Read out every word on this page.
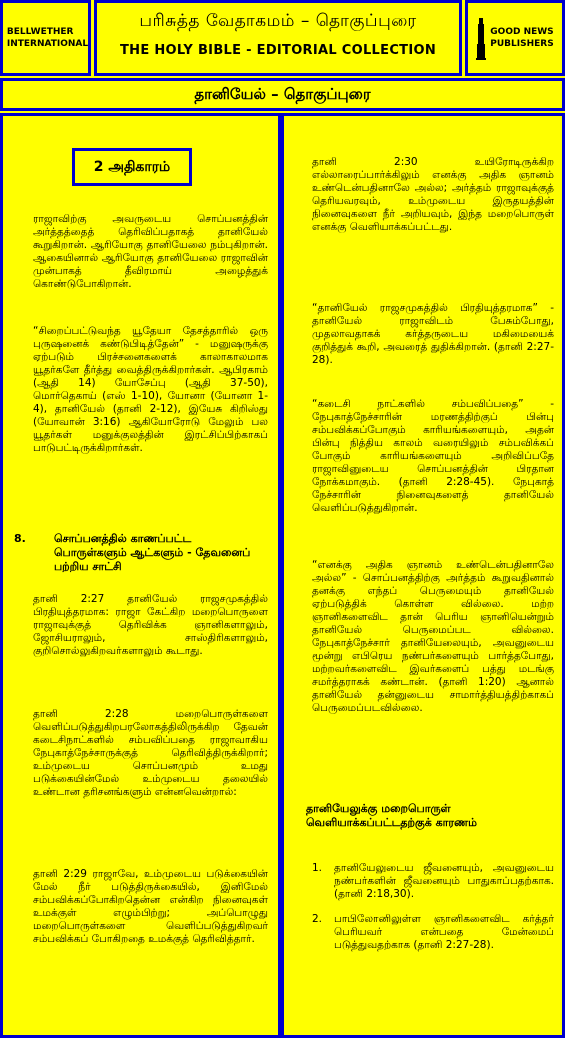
BELLWETHER
INTERNATIONAL
பரிசுத்த வேதாகமம் – தொகுப்புரை
THE HOLY BIBLE - EDITORIAL COLLECTION
GOOD NEWS
PUBLISHERS
தானியேல் – தொகுப்புரை
2 அதிகாரம்

ராஜாவிற்கு அவருடைய சொப்பனத்தின் அர்த்தத்தைத் தெரிவிப்பதாகத் தானியேல் கூறுகிறான். ஆரியோகு தானியேலை நம்புகிறான். ஆகையினால் ஆரியோகு தானியேலை ராஜாவின் முன்பாகத் தீவிரமாய் அழைத்துக் கொண்டுபோகிறான்.

“சிறைப்பட்டுவந்த யூதேயா தேசத்தாரில் ஒரு புருஷனைக் கண்டுபிடித்தேன்” - மனுஷருக்கு ஏற்படும் பிரச்சனைகளைக் காலாகாலமாக யூதர்களே தீர்த்து வைத்திருக்கிறார்கள். ஆபிரகாம் (ஆதி 14) யோசேப்பு (ஆதி 37-50), மொர்தெகாய் (எஸ் 1-10), யோனா (யோனா 1-4), தானியேல் (தானி 2-12), இயேசு கிறிஸ்து (யோவான் 3:16) ஆகியோரோடு மேலும் பல யூதர்கள் மனுக்குலத்தின் இரட்சிப்பிற்காகப் பாடுபட்டிருக்கிறார்கள்.

8.	சொப்பனத்தில் காணப்பட்ட பொருள்களும் ஆட்களும் - தேவனைப் பற்றிய சாட்சி

தானி 2:27 தானியேல் ராஜசமுகத்தில் பிரதியுத்தரமாக: ராஜா கேட்கிற மறைபொருளை ராஜாவுக்குத் தெரிவிக்க ஞானிகளாலும், ஜோசியராலும், சாஸ்திரிகளாலும், குறிசொல்லுகிறவர்களாலும் கூடாது.

தானி 2:28 மறைபொருள்களை வெளிப்படுத்துகிறபரலோகத்திலிருக்கிற தேவன் கடைசிநாட்களில் சம்பவிப்பதை ராஜாவாகிய நேபுகாத்நேச்சாருக்குத் தெரிவித்திருக்கிறார்; உம்முடைய சொப்பனமும் உமது படுக்கையின்மேல் உம்முடைய தலையில் உண்டான தரிசனங்களும் என்னவென்றால்:

தானி 2:29 ராஜாவே, உம்முடைய படுக்கையின் மேல் நீர் படுத்திருக்கையில், இனிமேல் சம்பவிக்கப்போகிறதென்ன என்கிற நினைவுகள் உமக்குள் எழும்பிற்று; அப்பொழுது மறைபொருள்களை வெளிப்படுத்துகிறவர் சம்பவிக்கப் போகிறதை உமக்குத் தெரிவித்தார்.

தானி 2:30 உயிரோடிருக்கிற எல்லாரைப்பார்க்கிலும் எனக்கு அதிக ஞானம் உண்டென்பதினாலே அல்ல; அர்த்தம் ராஜாவுக்குத் தெரியவரவும், உம்முடைய இருதயத்தின் நினைவுகளை நீர் அறியவும், இந்த மறைபொருள் எனக்கு வெளியாக்கப்பட்டது.

“தானியேல் ராஜசமுகத்தில் பிரதியுத்தரமாக” - தானியேல் ராஜாவிடம் பேசும்போது, முதலாவதாகக் கர்த்தருடைய மகிமையைக் குறித்துக் கூறி, அவரைத் துதிக்கிறான். (தானி 2:27-28).

“கடைசி நாட்களில் சம்பவிப்பதை” - நேபுகாத்நேச்சாரின் மரணத்திற்குப் பின்பு சம்பவிக்கப்போகும் காரியங்களையும், அதன் பின்பு நித்திய காலம் வரையிலும் சம்பவிக்கப் போகும் காரியங்களையும் அறிவிப்பதே ராஜாவினுடைய சொப்பனத்தின் பிரதான நோக்கமாகும். (தானி 2:28-45). நேபுகாத் நேச்சாரின் நினைவுகளைத் தானியேல் வெளிப்படுத்துகிறான்.

“எனக்கு அதிக ஞானம் உண்டென்பதினாலே அல்ல” - சொப்பனத்திற்கு அர்த்தம் கூறுவதினால் தனக்கு எந்தப் பெருமையும் தானியேல் ஏற்படுத்திக் கொள்ள வில்லை. மற்ற ஞானிகளைவிட தான் பெரிய ஞானியென்றும் தானியேல் பெருமைப்பட வில்லை. நேபுகாத்நேச்சார் தானியேலையும், அவனுடைய மூன்று எபிரெய நண்பர்களையும் பார்த்தபோது, மற்றவர்களைவிட இவர்களைப் பத்து மடங்கு சமர்த்தராகக் கண்டான். (தானி 1:20) ஆனால் தானியேல் தன்னுடைய சாமார்த்தியத்திற்காகப் பெருமைப்படவில்லை.

தானியேலுக்கு மறைபொருள் வெளியாக்கப்பட்டதற்குக் காரணம்
1. தானியேலுடைய ஜீவனையும், அவனுடைய நண்பர்களின் ஜீவனையும் பாதுகாப்பதற்காக. (தானி 2:18,30).
2. பாபிலோனிலுள்ள ஞானிகளைவிட கர்த்தர் பெரியவர் என்பதை மேன்மைப் படுத்துவதற்காக (தானி 2:27-28).
